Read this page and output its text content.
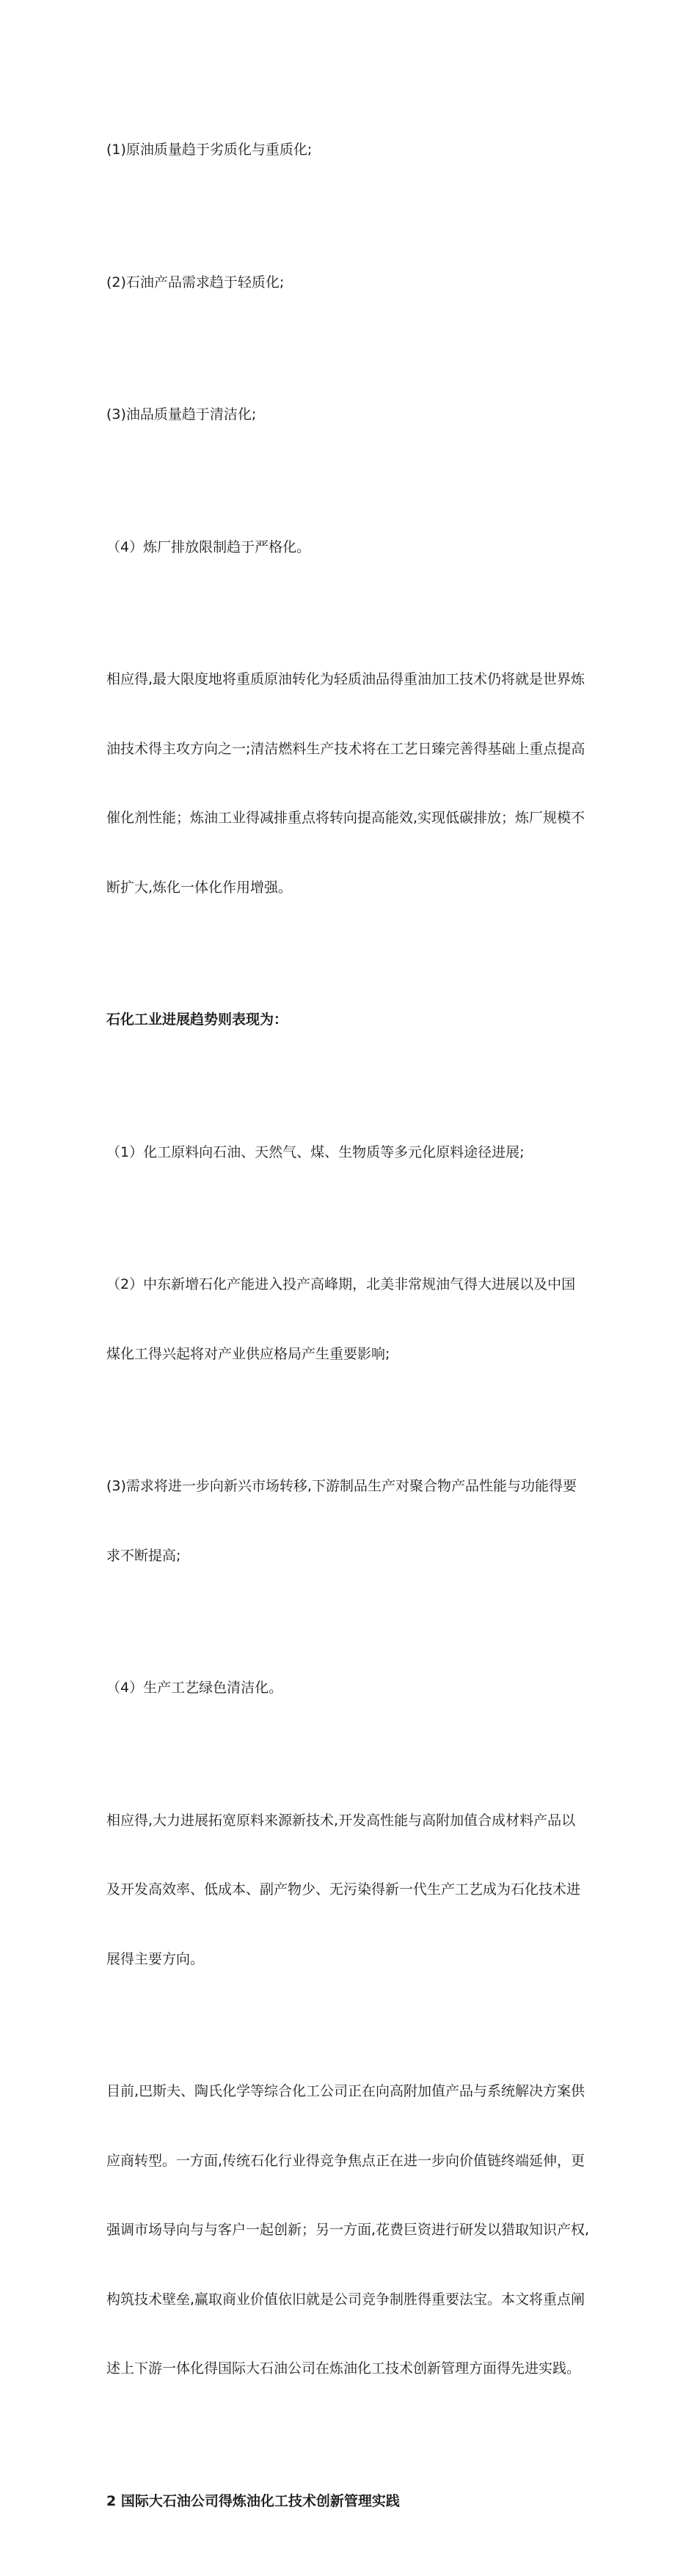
(1)原油质量趋于劣质化与重质化;

(2)石油产品需求趋于轻质化;

(3)油品质量趋于清洁化;

（4）炼厂排放限制趋于严格化。

相应得,最大限度地将重质原油转化为轻质油品得重油加工技术仍将就是世界炼

油技术得主攻方向之一;清洁燃料生产技术将在工艺日臻完善得基础上重点提高

催化剂性能；炼油工业得减排重点将转向提高能效,实现低碳排放；炼厂规模不

断扩大,炼化一体化作用增强。

石化工业进展趋势则表现为：

（1）化工原料向石油、天然气、煤、生物质等多元化原料途径进展;

（2）中东新增石化产能进入投产高峰期，北美非常规油气得大进展以及中国

煤化工得兴起将对产业供应格局产生重要影响;

(3)需求将进一步向新兴市场转移,下游制品生产对聚合物产品性能与功能得要

求不断提高;

（4）生产工艺绿色清洁化。

相应得,大力进展拓宽原料来源新技术,开发高性能与高附加值合成材料产品以

及开发高效率、低成本、副产物少、无污染得新一代生产工艺成为石化技术进

展得主要方向。

目前,巴斯夫、陶氏化学等综合化工公司正在向高附加值产品与系统解决方案供

应商转型。一方面,传统石化行业得竞争焦点正在进一步向价值链终端延伸，更

强调市场导向与与客户一起创新；另一方面,花费巨资进行研发以猎取知识产权,

构筑技术壁垒,赢取商业价值依旧就是公司竞争制胜得重要法宝。本文将重点阐

述上下游一体化得国际大石油公司在炼油化工技术创新管理方面得先进实践。

2 国际大石油公司得炼油化工技术创新管理实践
